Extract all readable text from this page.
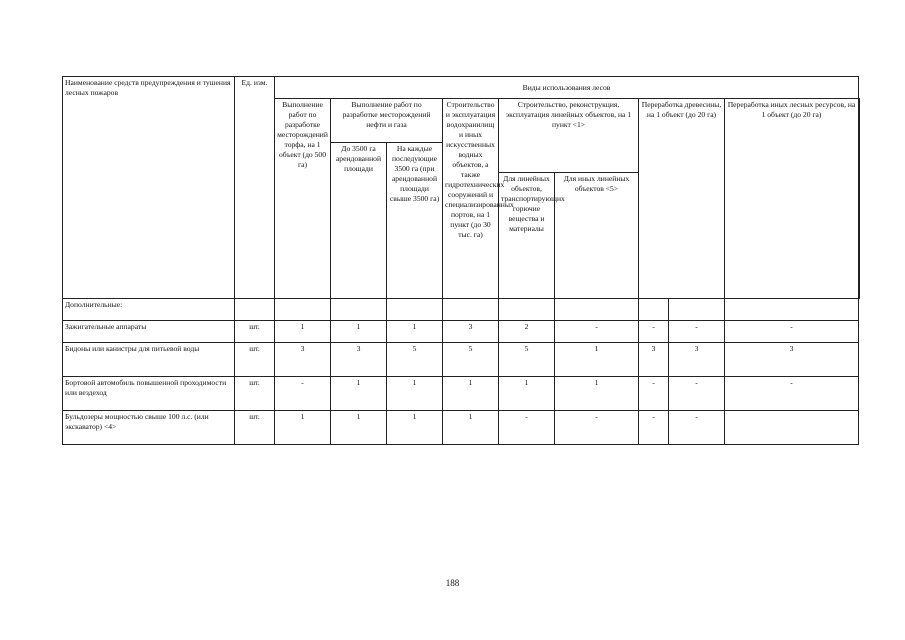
Наименование средств предупреждения и тушения лесных пожаров	Ед. изм.	Виды использования лесов									
		Выполнение работ по разработке месторождений торфа, на 1 объект (до 500 га)	Выполнение работ по разработке месторождений нефти и газа		Строительство и эксплуатация водохранилищ и иных искусственных водных объектов, а также гидротехнических сооружений и специализированных портов, на 1 пункт (до 30 тыс. га)	Строительство, реконструкция, эксплуатация линейных объектов, на 1 пункт <1>		Переработка древесины, на 1 объект (до 20 га)		Переработка иных лесных ресурсов, на 1 объект (до 20 га)	
			До 3500 га арендованной площади	На каждые последующие 3500 га (при арендованной площади свыше 3500 га)							
						Для линейных объектов, транспортирующих горючие вещества и материалы	Для иных линейных объектов <5>				
Дополнительные:											
Зажигательные аппараты	шт.	1	1	1	3	2	-	-	-	-	
Бидоны или канистры для питьевой воды	шт.	3	3	5	5	5	1	3	3	3	
Бортовой автомобиль повышенной проходимости или вездеход	шт.	-	1	1	1	1	1	-	-	-	
Бульдозеры мощностью свыше 100 л.с. (или экскаватор) <4>	шт.	1	1	1	1	-	-	-	-		
188
